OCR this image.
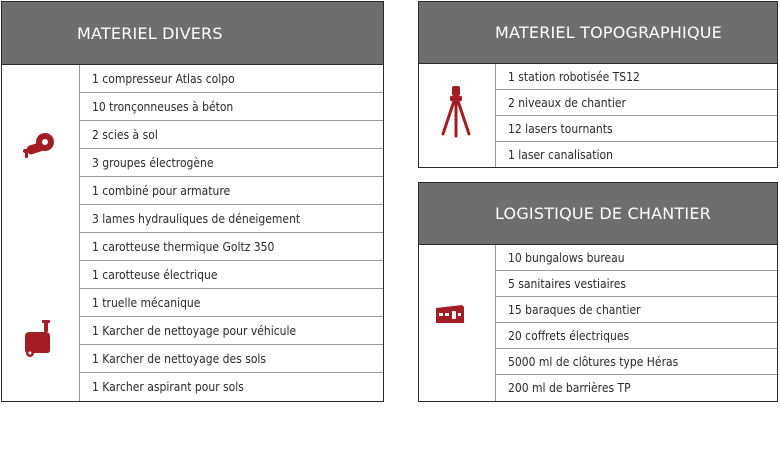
MATERIEL DIVERS
1 compresseur Atlas colpo
10 tronçonneuses à béton
2 scies à sol
3 groupes électrogène
1 combiné pour armature
3 lames hydrauliques de déneigement
1 carotteuse thermique Goltz 350
1 carotteuse électrique
1 truelle mécanique
1 Karcher de nettoyage pour véhicule
1 Karcher de nettoyage des sols
1 Karcher aspirant pour sols
MATERIEL TOPOGRAPHIQUE
1 station robotisée TS12
2 niveaux de chantier
12 lasers tournants
1 laser canalisation
LOGISTIQUE DE CHANTIER
10 bungalows bureau
5 sanitaires vestiaires
15 baraques de chantier
20 coffrets électriques
5000 ml de clôtures type Héras
200 ml de barrières TP
